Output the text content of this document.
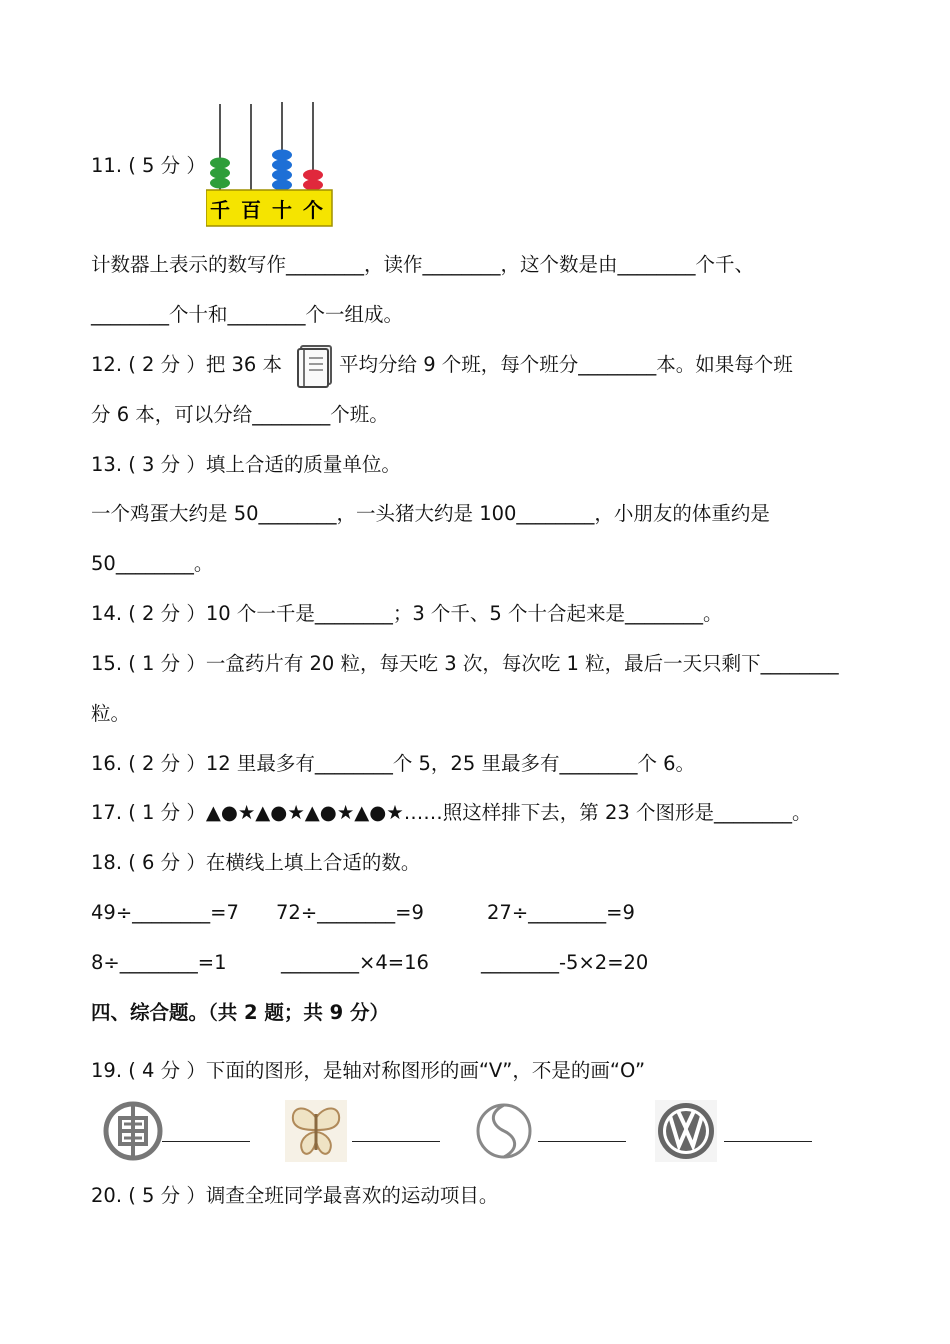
11. ( 5 分 ）
千 百 十 个
计数器上表示的数写作________，读作________，这个数是由________个千、
________个十和________个一组成。
12. ( 2 分 ）把 36 本	平均分给 9 个班，每个班分________本。如果每个班
分 6 本，可以分给________个班。
13. ( 3 分 ）填上合适的质量单位。
一个鸡蛋大约是 50________，一头猪大约是 100________，小朋友的体重约是
50________。
14. ( 2 分 ）10 个一千是________；3 个千、5 个十合起来是________。
15. ( 1 分 ）一盒药片有 20 粒，每天吃 3 次，每次吃 1 粒，最后一天只剩下________
粒。
16. ( 2 分 ）12 里最多有________个 5，25 里最多有________个 6。
17. ( 1 分 ）▲●★▲●★▲●★▲●★……照这样排下去，第 23 个图形是________。
18. ( 6 分 ）在横线上填上合适的数。
49÷________=7 72÷________=9	27÷________=9
8÷________=1	________×4=16	________-5×2=20
四、综合题。（共 2 题；共 9 分）
19. ( 4 分 ）下面的图形，是轴对称图形的画“V”，不是的画“O”
20. ( 5 分 ）调查全班同学最喜欢的运动项目。
